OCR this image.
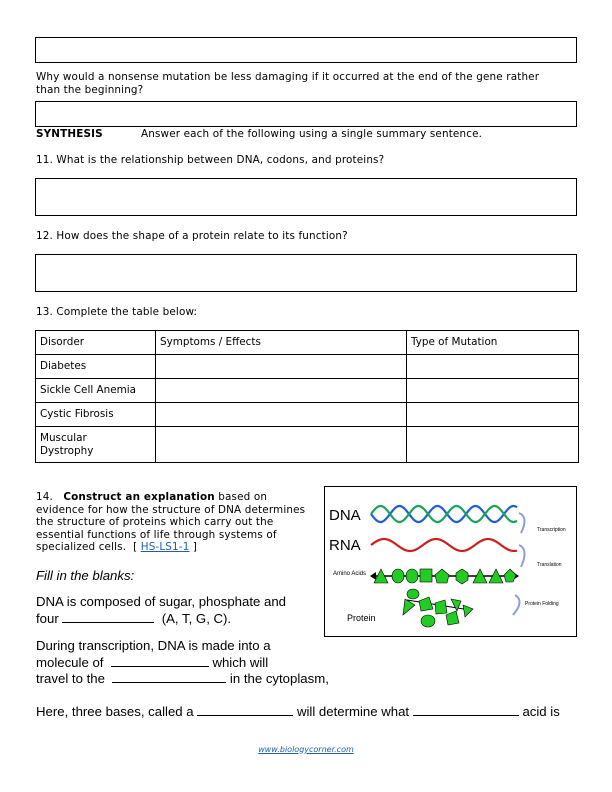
Why would a nonsense mutation be less damaging if it occurred at the end of the gene rather than the beginning?
SYNTHESIS	Answer each of the following using a single summary sentence.
11. What is the relationship between DNA, codons, and proteins?
12. How does the shape of a protein relate to its function?
13. Complete the table below:
Disorder	Symptoms / Effects	Type of Mutation
Diabetes		
Sickle Cell Anemia		
Cystic Fibrosis		
Muscular Dystrophy		
14. Construct an explanation based on evidence for how the structure of DNA determines the structure of proteins which carry out the essential functions of life through systems of specialized cells.  [ HS-LS1-1 ]
DNA
RNA
Amino Acids
Protein
Transcription
Translation
Protein Folding
Fill in the blanks:
DNA is composed of sugar, phosphate and
four	(A, T, G, C).
During transcription, DNA is made into a
molecule of	which will
travel to the	in the cytoplasm,
Here, three bases, called a	will determine what	acid is
www.biologycorner.com
